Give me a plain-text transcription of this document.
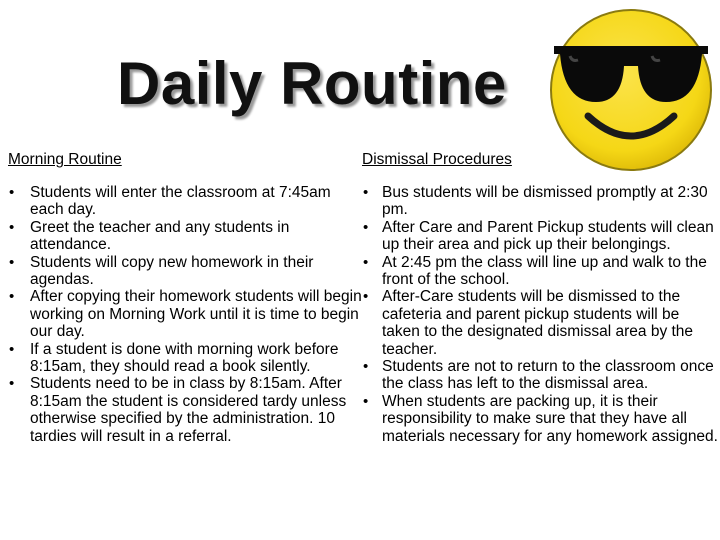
Daily Routine

Morning Routine

• Students will enter the classroom at 7:45am each day.
• Greet the teacher and any students in attendance.
• Students will copy new homework in their agendas.
• After copying their homework students will begin working on Morning Work until it is time to begin our day.
• If a student is done with morning work before 8:15am, they should read a book silently.
• Students need to be in class by 8:15am. After 8:15am the student is considered tardy unless otherwise specified by the administration. 10 tardies will result in a referral.

Dismissal Procedures

• Bus students will be dismissed promptly at 2:30 pm.
• After Care and Parent Pickup students will clean up their area and pick up their belongings.
• At 2:45 pm the class will line up and walk to the front of the school.
• After-Care students will be dismissed to the cafeteria and parent pickup students will be taken to the designated dismissal area by the teacher.
• Students are not to return to the classroom once the class has left to the dismissal area.
• When students are packing up, it is their responsibility to make sure that they have all materials necessary for any homework assigned.
